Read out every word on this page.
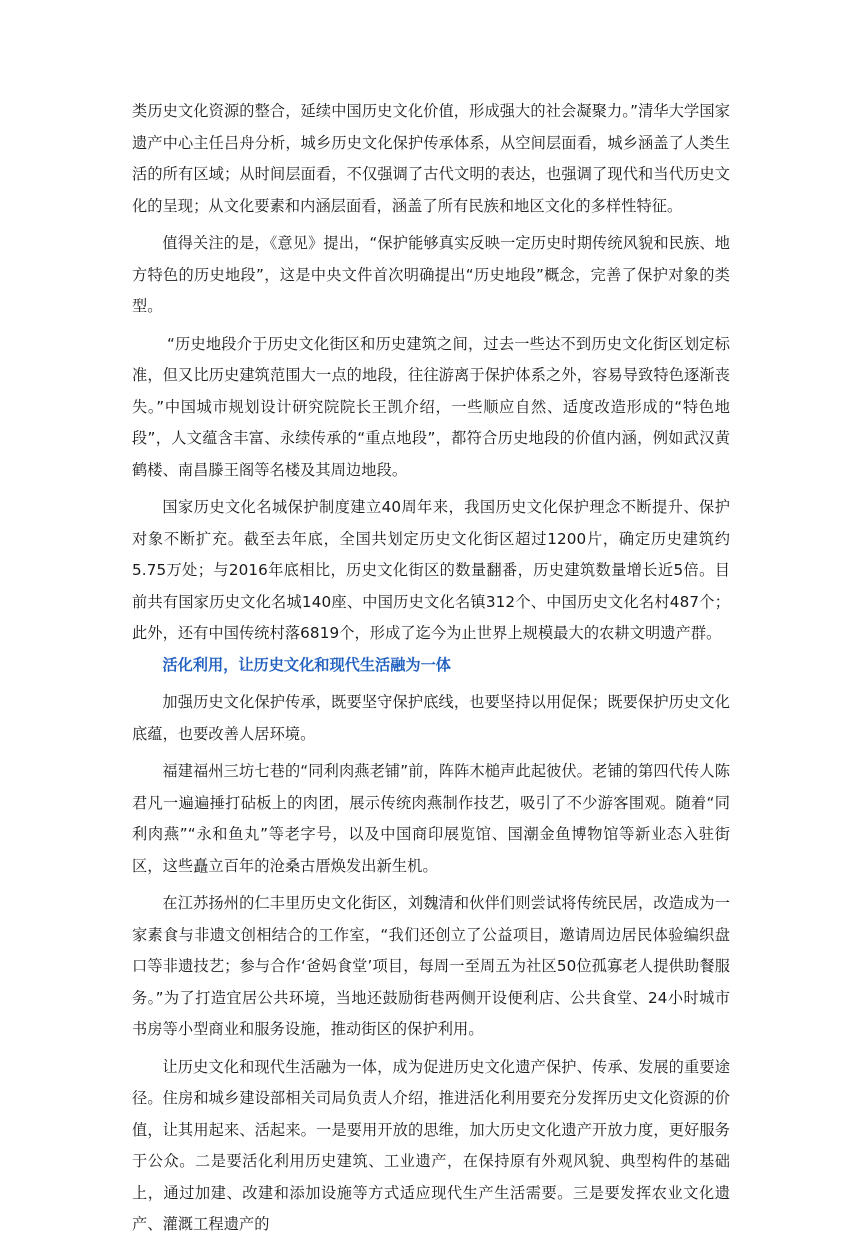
类历史文化资源的整合，延续中国历史文化价值，形成强大的社会凝聚力。”清华大学国家遗产中心主任吕舟分析，城乡历史文化保护传承体系，从空间层面看，城乡涵盖了人类生活的所有区域；从时间层面看，不仅强调了古代文明的表达，也强调了现代和当代历史文化的呈现；从文化要素和内涵层面看，涵盖了所有民族和地区文化的多样性特征。

值得关注的是，《意见》提出，“保护能够真实反映一定历史时期传统风貌和民族、地方特色的历史地段”，这是中央文件首次明确提出“历史地段”概念，完善了保护对象的类型。

“历史地段介于历史文化街区和历史建筑之间，过去一些达不到历史文化街区划定标准，但又比历史建筑范围大一点的地段，往往游离于保护体系之外，容易导致特色逐渐丧失。”中国城市规划设计研究院院长王凯介绍，一些顺应自然、适度改造形成的“特色地段”，人文蕴含丰富、永续传承的“重点地段”，都符合历史地段的价值内涵，例如武汉黄鹤楼、南昌滕王阁等名楼及其周边地段。

国家历史文化名城保护制度建立40周年来，我国历史文化保护理念不断提升、保护对象不断扩充。截至去年底，全国共划定历史文化街区超过1200片，确定历史建筑约5.75万处；与2016年底相比，历史文化街区的数量翻番，历史建筑数量增长近5倍。目前共有国家历史文化名城140座、中国历史文化名镇312个、中国历史文化名村487个；此外，还有中国传统村落6819个，形成了迄今为止世界上规模最大的农耕文明遗产群。

活化利用，让历史文化和现代生活融为一体

加强历史文化保护传承，既要坚守保护底线，也要坚持以用促保；既要保护历史文化底蕴，也要改善人居环境。

福建福州三坊七巷的“同利肉燕老铺”前，阵阵木槌声此起彼伏。老铺的第四代传人陈君凡一遍遍捶打砧板上的肉团，展示传统肉燕制作技艺，吸引了不少游客围观。随着“同利肉燕”“永和鱼丸”等老字号，以及中国商印展览馆、国潮金鱼博物馆等新业态入驻街区，这些矗立百年的沧桑古厝焕发出新生机。

在江苏扬州的仁丰里历史文化街区，刘魏清和伙伴们则尝试将传统民居，改造成为一家素食与非遗文创相结合的工作室，“我们还创立了公益项目，邀请周边居民体验编织盘口等非遗技艺；参与合作‘爸妈食堂’项目，每周一至周五为社区50位孤寡老人提供助餐服务。”为了打造宜居公共环境，当地还鼓励街巷两侧开设便利店、公共食堂、24小时城市书房等小型商业和服务设施，推动街区的保护利用。

让历史文化和现代生活融为一体，成为促进历史文化遗产保护、传承、发展的重要途径。住房和城乡建设部相关司局负责人介绍，推进活化利用要充分发挥历史文化资源的价值，让其用起来、活起来。一是要用开放的思维，加大历史文化遗产开放力度，更好服务于公众。二是要活化利用历史建筑、工业遗产，在保持原有外观风貌、典型构件的基础上，通过加建、改建和添加设施等方式适应现代生产生活需要。三是要发挥农业文化遗产、灌溉工程遗产的
